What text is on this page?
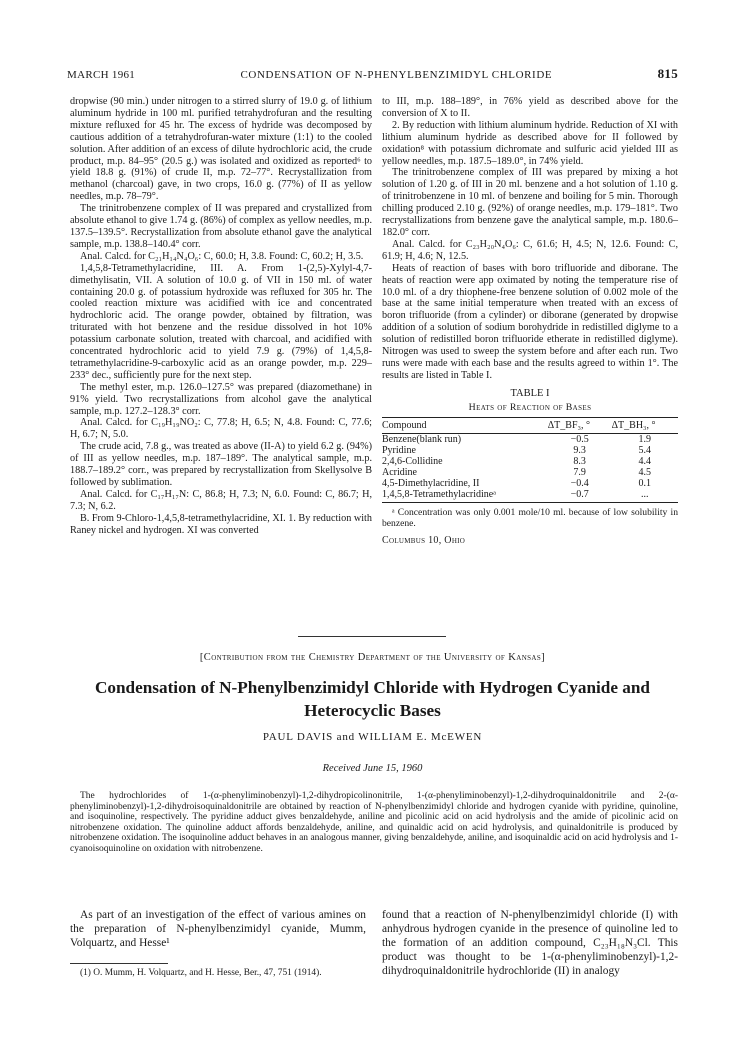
MARCH 1961	CONDENSATION OF N-PHENYLBENZIMIDYL CHLORIDE	815

dropwise (90 min.) under nitrogen to a stirred slurry of 19.0 g. of lithium aluminum hydride in 100 ml. purified tetrahydrofuran and the resulting mixture refluxed for 45 hr. The excess of hydride was decomposed by cautious addition of a tetrahydrofuran-water mixture (1:1) to the cooled solution. After addition of an excess of dilute hydrochloric acid, the crude product, m.p. 84–95° (20.5 g.) was isolated and oxidized as reported⁶ to yield 18.8 g. (91%) of crude II, m.p. 72–77°. Recrystallization from methanol (charcoal) gave, in two crops, 16.0 g. (77%) of II as yellow needles, m.p. 78–79°.

The trinitrobenzene complex of II was prepared and crystallized from absolute ethanol to give 1.74 g. (86%) of complex as yellow needles, m.p. 137.5–139.5°. Recrystallization from absolute ethanol gave the analytical sample, m.p. 138.8–140.4° corr.

Anal. Calcd. for C₂₁H₁₄N₄O₆: C, 60.0; H, 3.8. Found: C, 60.2; H, 3.5.

1,4,5,8-Tetramethylacridine, III. A. From 1-(2,5)-Xylyl-4,7-dimethylisatin, VII. A solution of 10.0 g. of VII in 150 ml. of water containing 20.0 g. of potassium hydroxide was refluxed for 305 hr. The cooled reaction mixture was acidified with ice and concentrated hydrochloric acid. The orange powder, obtained by filtration, was triturated with hot benzene and the residue dissolved in hot 10% potassium carbonate solution, treated with charcoal, and acidified with concentrated hydrochloric acid to yield 7.9 g. (79%) of 1,4,5,8-tetramethylacridine-9-carboxylic acid as an orange powder, m.p. 229–233° dec., sufficiently pure for the next step.

The methyl ester, m.p. 126.0–127.5° was prepared (diazomethane) in 91% yield. Two recrystallizations from alcohol gave the analytical sample, m.p. 127.2–128.3° corr.

Anal. Calcd. for C₁₉H₁₉NO₂: C, 77.8; H, 6.5; N, 4.8. Found: C, 77.6; H, 6.7; N, 5.0.

The crude acid, 7.8 g., was treated as above (II-A) to yield 6.2 g. (94%) of III as yellow needles, m.p. 187–189°. The analytical sample, m.p. 188.7–189.2° corr., was prepared by recrystallization from Skellysolve B followed by sublimation.

Anal. Calcd. for C₁₇H₁₇N: C, 86.8; H, 7.3; N, 6.0. Found: C, 86.7; H, 7.3; N, 6.2.

B. From 9-Chloro-1,4,5,8-tetramethylacridine, XI. 1. By reduction with Raney nickel and hydrogen. XI was converted

to III, m.p. 188–189°, in 76% yield as described above for the conversion of X to II.

2. By reduction with lithium aluminum hydride. Reduction of XI with lithium aluminum hydride as described above for II followed by oxidation⁸ with potassium dichromate and sulfuric acid yielded III as yellow needles, m.p. 187.5–189.0°, in 74% yield.

The trinitrobenzene complex of III was prepared by mixing a hot solution of 1.20 g. of III in 20 ml. benzene and a hot solution of 1.10 g. of trinitrobenzene in 10 ml. of benzene and boiling for 5 min. Thorough chilling produced 2.10 g. (92%) of orange needles, m.p. 179–181°. Two recrystallizations from benzene gave the analytical sample, m.p. 180.6–182.0° corr.

Anal. Calcd. for C₂₃H₂₀N₄O₆: C, 61.6; H, 4.5; N, 12.6. Found: C, 61.9; H, 4.6; N, 12.5.

Heats of reaction of bases with boro trifluoride and diborane. The heats of reaction were app oximated by noting the temperature rise of 10.0 ml. of a dry thiophene-free benzene solution of 0.002 mole of the base at the same initial temperature when treated with an excess of boron trifluoride (from a cylinder) or diborane (generated by dropwise addition of a solution of sodium borohydride in redistilled diglyme to a solution of redistilled boron trifluoride etherate in redistilled diglyme). Nitrogen was used to sweep the system before and after each run. Two runs were made with each base and the results agreed to within 1°. The results are listed in Table I.

TABLE I
Heats of Reaction of Bases
Compound	ΔT_BF₃, °	ΔT_BH₃, °
Benzene(blank run)	−0.5	1.9
Pyridine	9.3	5.4
2,4,6-Collidine	8.3	4.4
Acridine	7.9	4.5
4,5-Dimethylacridine, II	−0.4	0.1
1,4,5,8-Tetramethylacridineᵃ	−0.7	...
ᵃ Concentration was only 0.001 mole/10 ml. because of low solubility in benzene.
Columbus 10, Ohio
[Contribution from the Chemistry Department of the University of Kansas]
Condensation of N-Phenylbenzimidyl Chloride with Hydrogen Cyanide and Heterocyclic Bases
PAUL DAVIS and WILLIAM E. McEWEN
Received June 15, 1960
The hydrochlorides of 1-(α-phenyliminobenzyl)-1,2-dihydropicolinonitrile, 1-(α-phenyliminobenzyl)-1,2-dihydroquinaldonitrile and 2-(α-phenyliminobenzyl)-1,2-dihydroisoquinaldonitrile are obtained by reaction of N-phenylbenzimidyl chloride and hydrogen cyanide with pyridine, quinoline, and isoquinoline, respectively. The pyridine adduct gives benzaldehyde, aniline and picolinic acid on acid hydrolysis and the amide of picolinic acid on nitrobenzene oxidation. The quinoline adduct affords benzaldehyde, aniline, and quinaldic acid on acid hydrolysis, and quinaldonitrile is produced by nitrobenzene oxidation. The isoquinoline adduct behaves in an analogous manner, giving benzaldehyde, aniline, and isoquinaldic acid on acid hydrolysis and 1-cyanoisoquinoline on oxidation with nitrobenzene.

As part of an investigation of the effect of various amines on the preparation of N-phenylbenzimidyl cyanide, Mumm, Volquartz, and Hesse¹

(1) O. Mumm, H. Volquartz, and H. Hesse, Ber., 47, 751 (1914).

found that a reaction of N-phenylbenzimidyl chloride (I) with anhydrous hydrogen cyanide in the presence of quinoline led to the formation of an addition compound, C₂₃H₁₈N₃Cl. This product was thought to be 1-(α-phenyliminobenzyl)-1,2-dihydroquinaldonitrile hydrochloride (II) in analogy
